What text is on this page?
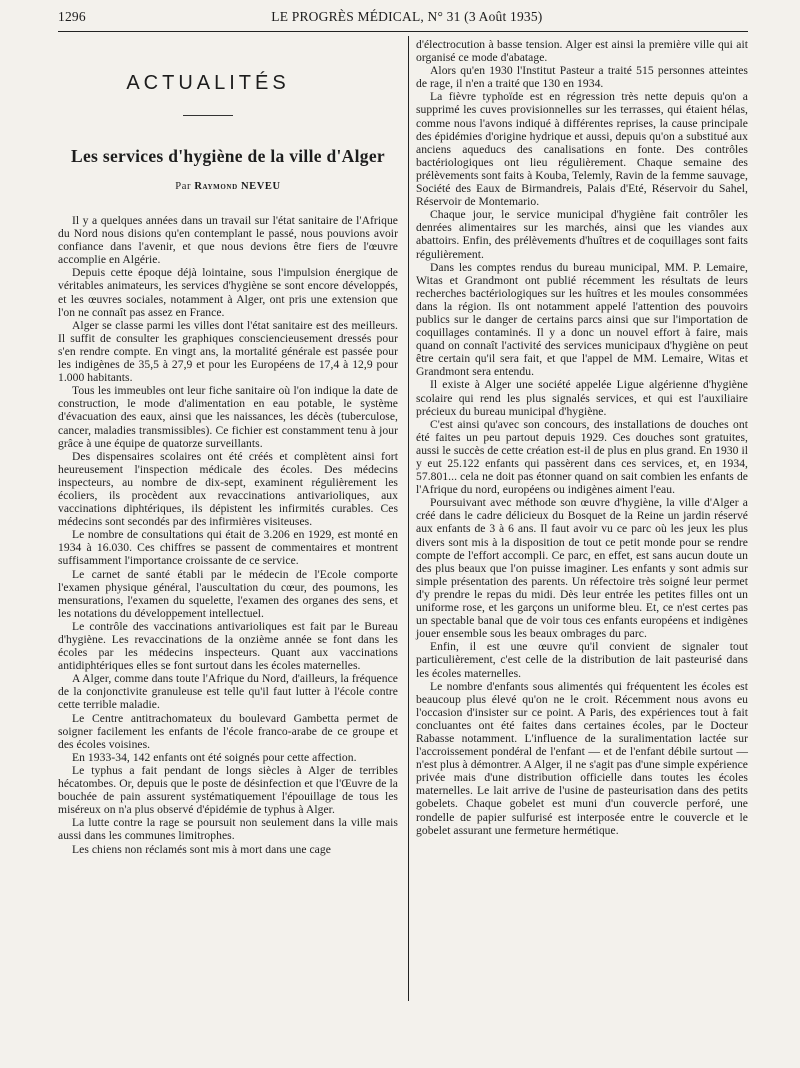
1296	LE PROGRÈS MÉDICAL, N° 31 (3 Août 1935)
ACTUALITÉS
Les services d'hygiène de la ville d'Alger
Par Raymond NEVEU

Il y a quelques années dans un travail sur l'état sanitaire de l'Afrique du Nord nous disions qu'en contemplant le passé, nous pouvions avoir confiance dans l'avenir, et que nous devions être fiers de l'œuvre accomplie en Algérie.

Depuis cette époque déjà lointaine, sous l'impulsion énergique de véritables animateurs, les services d'hygiène se sont encore développés, et les œuvres sociales, notamment à Alger, ont pris une extension que l'on ne connaît pas assez en France.

Alger se classe parmi les villes dont l'état sanitaire est des meilleurs. Il suffit de consulter les graphiques consciencieusement dressés pour s'en rendre compte. En vingt ans, la mortalité générale est passée pour les indigènes de 35,5 à 27,9 et pour les Européens de 17,4 à 12,9 pour 1.000 habitants.

Tous les immeubles ont leur fiche sanitaire où l'on indique la date de construction, le mode d'alimentation en eau potable, le système d'évacuation des eaux, ainsi que les naissances, les décès (tuberculose, cancer, maladies transmissibles). Ce fichier est constamment tenu à jour grâce à une équipe de quatorze surveillants.

Des dispensaires scolaires ont été créés et complètent ainsi fort heureusement l'inspection médicale des écoles. Des médecins inspecteurs, au nombre de dix-sept, examinent régulièrement les écoliers, ils procèdent aux revaccinations antivarioliques, aux vaccinations diphtériques, ils dépistent les infirmités curables. Ces médecins sont secondés par des infirmières visiteuses.

Le nombre de consultations qui était de 3.206 en 1929, est monté en 1934 à 16.030. Ces chiffres se passent de commentaires et montrent suffisamment l'importance croissante de ce service.

Le carnet de santé établi par le médecin de l'Ecole comporte l'examen physique général, l'auscultation du cœur, des poumons, les mensurations, l'examen du squelette, l'examen des organes des sens, et les notations du développement intellectuel.

Le contrôle des vaccinations antivarioliques est fait par le Bureau d'hygiène. Les revaccinations de la onzième année se font dans les écoles par les médecins inspecteurs. Quant aux vaccinations antidiphtériques elles se font surtout dans les écoles maternelles.

A Alger, comme dans toute l'Afrique du Nord, d'ailleurs, la fréquence de la conjonctivite granuleuse est telle qu'il faut lutter à l'école contre cette terrible maladie.

Le Centre antitrachomateux du boulevard Gambetta permet de soigner facilement les enfants de l'école franco-arabe de ce groupe et des écoles voisines.

En 1933-34, 142 enfants ont été soignés pour cette affection.

Le typhus a fait pendant de longs siècles à Alger de terribles hécatombes. Or, depuis que le poste de désinfection et que l'Œuvre de la bouchée de pain assurent systématiquement l'épouillage de tous les miséreux on n'a plus observé d'épidémie de typhus à Alger.

La lutte contre la rage se poursuit non seulement dans la ville mais aussi dans les communes limitrophes.

Les chiens non réclamés sont mis à mort dans une cage

d'électrocution à basse tension. Alger est ainsi la première ville qui ait organisé ce mode d'abatage.

Alors qu'en 1930 l'Institut Pasteur a traité 515 personnes atteintes de rage, il n'en a traité que 130 en 1934.

La fièvre typhoïde est en régression très nette depuis qu'on a supprimé les cuves provisionnelles sur les terrasses, qui étaient hélas, comme nous l'avons indiqué à différentes reprises, la cause principale des épidémies d'origine hydrique et aussi, depuis qu'on a substitué aux anciens aqueducs des canalisations en fonte. Des contrôles bactériologiques ont lieu régulièrement. Chaque semaine des prélèvements sont faits à Kouba, Telemly, Ravin de la femme sauvage, Société des Eaux de Birmandreis, Palais d'Eté, Réservoir du Sahel, Réservoir de Montemario.

Chaque jour, le service municipal d'hygiène fait contrôler les denrées alimentaires sur les marchés, ainsi que les viandes aux abattoirs. Enfin, des prélèvements d'huîtres et de coquillages sont faits régulièrement.

Dans les comptes rendus du bureau municipal, MM. P. Lemaire, Witas et Grandmont ont publié récemment les résultats de leurs recherches bactériologiques sur les huîtres et les moules consommées dans la région. Ils ont notamment appelé l'attention des pouvoirs publics sur le danger de certains parcs ainsi que sur l'importation de coquillages contaminés. Il y a donc un nouvel effort à faire, mais quand on connaît l'activité des services municipaux d'hygiène on peut être certain qu'il sera fait, et que l'appel de MM. Lemaire, Witas et Grandmont sera entendu.

Il existe à Alger une société appelée Ligue algérienne d'hygiène scolaire qui rend les plus signalés services, et qui est l'auxiliaire précieux du bureau municipal d'hygiène.

C'est ainsi qu'avec son concours, des installations de douches ont été faites un peu partout depuis 1929. Ces douches sont gratuites, aussi le succès de cette création est-il de plus en plus grand. En 1930 il y eut 25.122 enfants qui passèrent dans ces services, et, en 1934, 57.801... cela ne doit pas étonner quand on sait combien les enfants de l'Afrique du nord, européens ou indigènes aiment l'eau.

Poursuivant avec méthode son œuvre d'hygiène, la ville d'Alger a créé dans le cadre délicieux du Bosquet de la Reine un jardin réservé aux enfants de 3 à 6 ans. Il faut avoir vu ce parc où les jeux les plus divers sont mis à la disposition de tout ce petit monde pour se rendre compte de l'effort accompli. Ce parc, en effet, est sans aucun doute un des plus beaux que l'on puisse imaginer. Les enfants y sont admis sur simple présentation des parents. Un réfectoire très soigné leur permet d'y prendre le repas du midi. Dès leur entrée les petites filles ont un uniforme rose, et les garçons un uniforme bleu. Et, ce n'est certes pas un spectable banal que de voir tous ces enfants européens et indigènes jouer ensemble sous les beaux ombrages du parc.

Enfin, il est une œuvre qu'il convient de signaler tout particulièrement, c'est celle de la distribution de lait pasteurisé dans les écoles maternelles.

Le nombre d'enfants sous alimentés qui fréquentent les écoles est beaucoup plus élevé qu'on ne le croit. Récemment nous avons eu l'occasion d'insister sur ce point. A Paris, des expériences tout à fait concluantes ont été faites dans certaines écoles, par le Docteur Rabasse notamment. L'influence de la suralimentation lactée sur l'accroissement pondéral de l'enfant — et de l'enfant débile surtout — n'est plus à démontrer. A Alger, il ne s'agit pas d'une simple expérience privée mais d'une distribution officielle dans toutes les écoles maternelles. Le lait arrive de l'usine de pasteurisation dans des petits gobelets. Chaque gobelet est muni d'un couvercle perforé, une rondelle de papier sulfurisé est interposée entre le couvercle et le gobelet assurant une fermeture hermétique.
